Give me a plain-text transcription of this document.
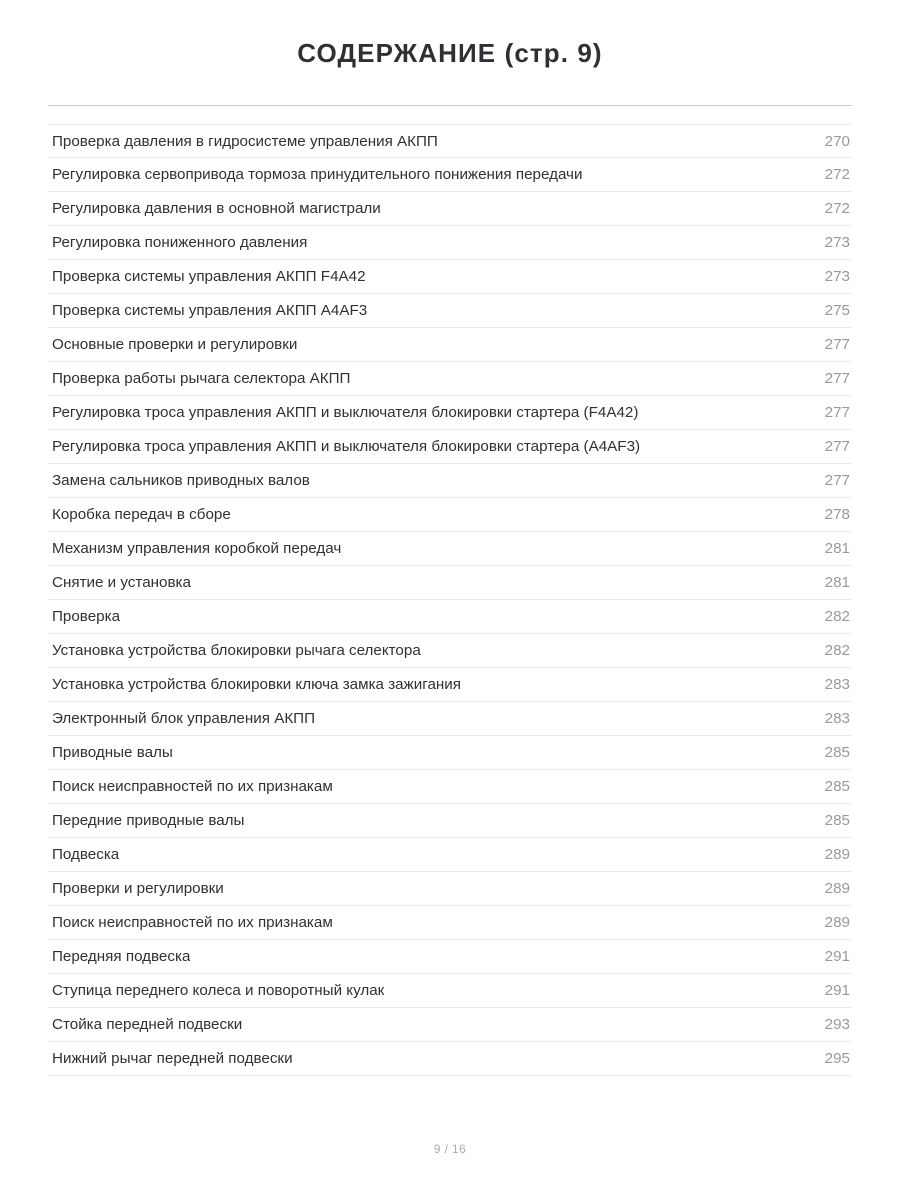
СОДЕРЖАНИЕ (стр. 9)
Проверка давления в гидросистеме управления АКПП	270
Регулировка сервопривода тормоза принудительного понижения передачи	272
Регулировка давления в основной магистрали	272
Регулировка пониженного давления	273
Проверка системы управления АКПП F4A42	273
Проверка системы управления АКПП A4AF3	275
Основные проверки и регулировки	277
Проверка работы рычага селектора АКПП	277
Регулировка троса управления АКПП и выключателя блокировки стартера (F4A42)	277
Регулировка троса управления АКПП и выключателя блокировки стартера (A4AF3)	277
Замена сальников приводных валов	277
Коробка передач в сборе	278
Механизм управления коробкой передач	281
Снятие и установка	281
Проверка	282
Установка устройства блокировки рычага селектора	282
Установка устройства блокировки ключа замка зажигания	283
Электронный блок управления АКПП	283
Приводные валы	285
Поиск неисправностей по их признакам	285
Передние приводные валы	285
Подвеска	289
Проверки и регулировки	289
Поиск неисправностей по их признакам	289
Передняя подвеска	291
Ступица переднего колеса и поворотный кулак	291
Стойка передней подвески	293
Нижний рычаг передней подвески	295
9 / 16
